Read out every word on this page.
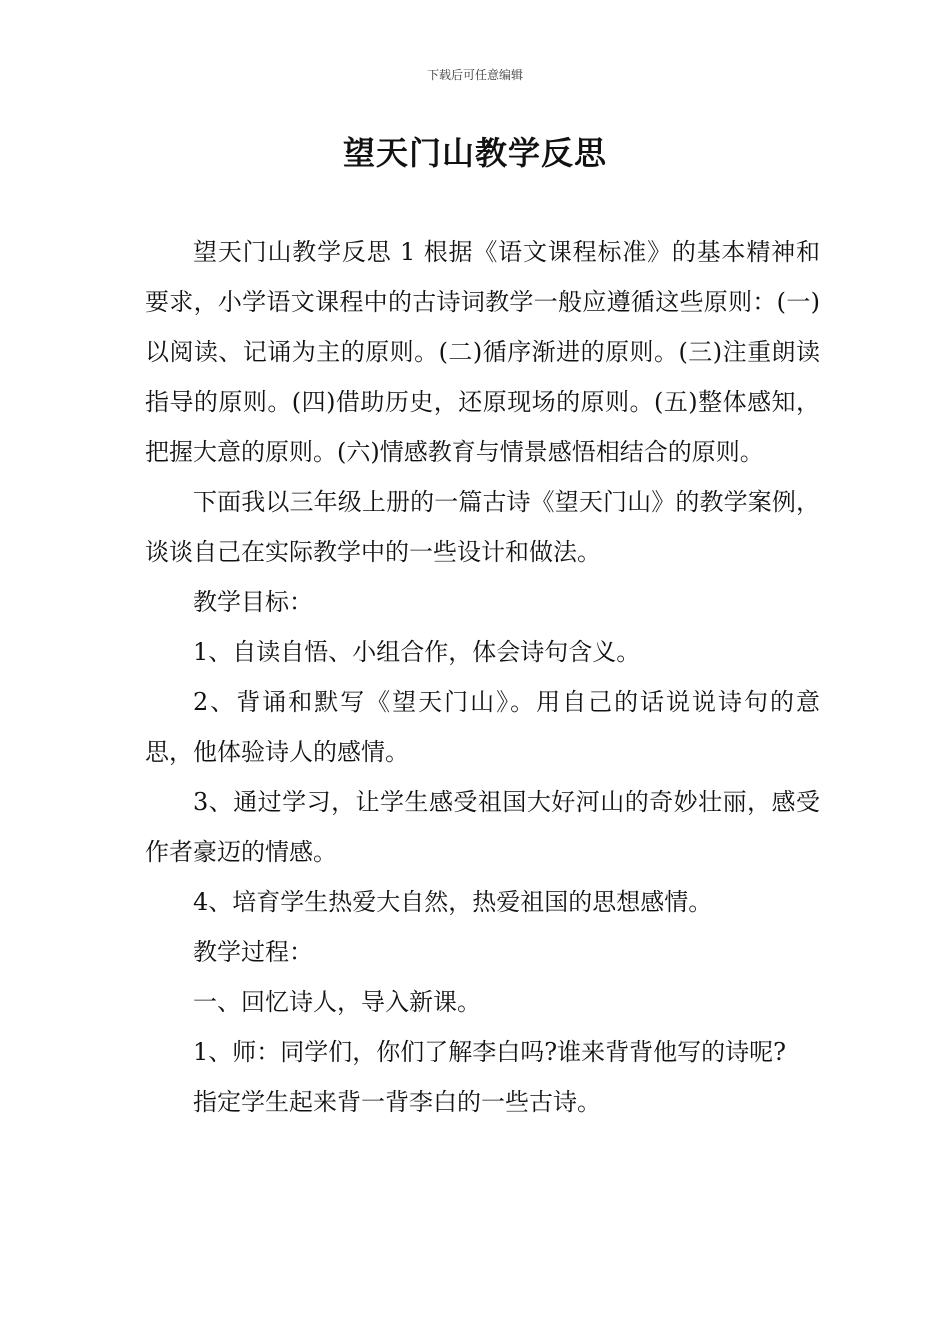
下载后可任意编辑
望天门山教学反思

望天门山教学反思 1 根据《语文课程标准》的基本精神和要求，小学语文课程中的古诗词教学一般应遵循这些原则：(一)以阅读、记诵为主的原则。(二)循序渐进的原则。(三)注重朗读指导的原则。(四)借助历史，还原现场的原则。(五)整体感知，把握大意的原则。(六)情感教育与情景感悟相结合的原则。

下面我以三年级上册的一篇古诗《望天门山》的教学案例，谈谈自己在实际教学中的一些设计和做法。

教学目标：

1、自读自悟、小组合作，体会诗句含义。

2、背诵和默写《望天门山》。用自己的话说说诗句的意思，他体验诗人的感情。

3、通过学习，让学生感受祖国大好河山的奇妙壮丽，感受作者豪迈的情感。

4、培育学生热爱大自然，热爱祖国的思想感情。

教学过程：

一、回忆诗人，导入新课。

1、师：同学们，你们了解李白吗?谁来背背他写的诗呢?

指定学生起来背一背李白的一些古诗。
